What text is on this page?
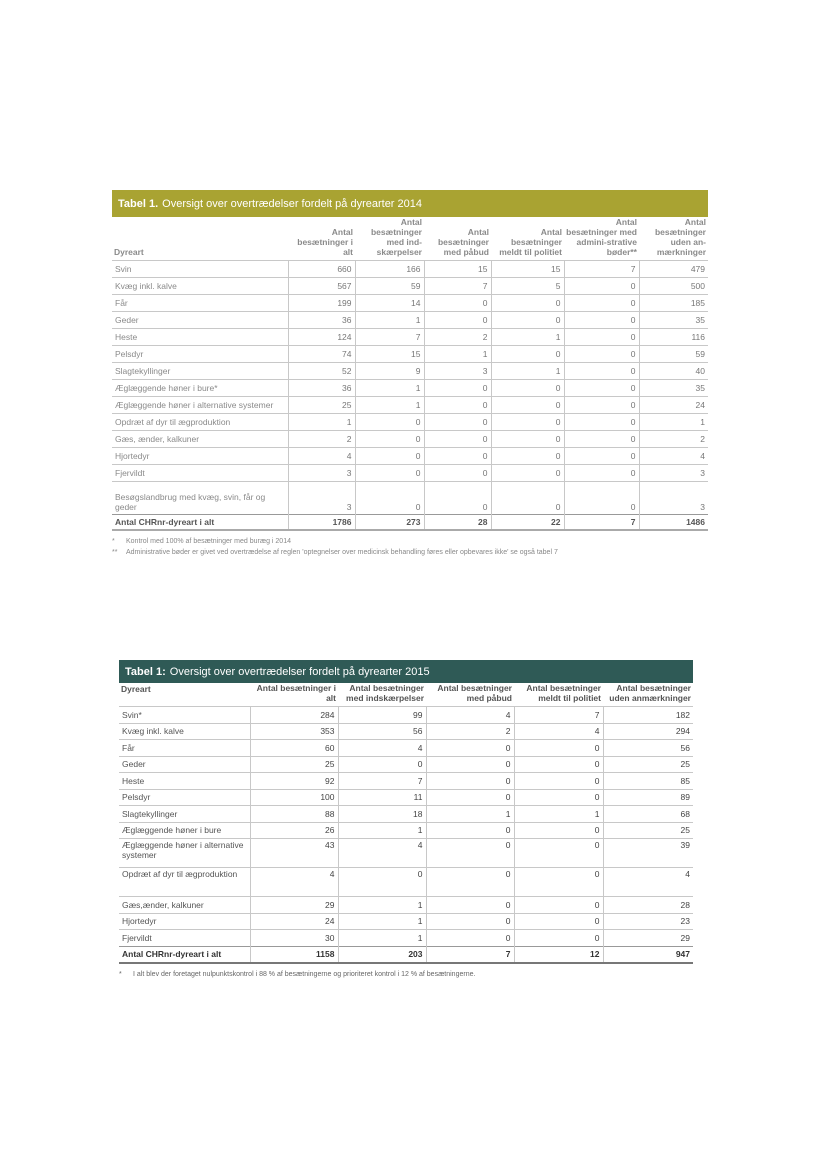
Tabel 1. Oversigt over overtrædelser fordelt på dyrearter 2014
Dyreart	Antal besætninger i alt	Antal besætninger med ind-skærpelser	Antal besætninger med påbud	Antal besætninger meldt til politiet	Antal besætninger med admini-strative bøder**	Antal besætninger uden an-mærkninger
Svin	660	166	15	15	7	479
Kvæg inkl. kalve	567	59	7	5	0	500
Får	199	14	0	0	0	185
Geder	36	1	0	0	0	35
Heste	124	7	2	1	0	116
Pelsdyr	74	15	1	0	0	59
Slagtekyllinger	52	9	3	1	0	40
Æglæggende høner i bure*	36	1	0	0	0	35
Æglæggende høner i alternative systemer	25	1	0	0	0	24
Opdræt af dyr til ægproduktion	1	0	0	0	0	1
Gæs, ænder, kalkuner	2	0	0	0	0	2
Hjortedyr	4	0	0	0	0	4
Fjervildt	3	0	0	0	0	3
Besøgslandbrug med kvæg, svin, får og geder	3	0	0	0	0	3
Antal CHRnr-dyreart i alt	1786	273	28	22	7	1486
* Kontrol med 100% af besætninger med buræg i 2014
** Administrative bøder er givet ved overtrædelse af reglen 'optegnelser over medicinsk behandling føres eller opbevares ikke' se også tabel 7
Tabel 1: Oversigt over overtrædelser fordelt på dyrearter 2015
Dyreart	Antal besætninger i alt	Antal besætninger med indskærpelser	Antal besætninger med påbud	Antal besætninger meldt til politiet	Antal besætninger uden anmærkninger
Svin*	284	99	4	7	182
Kvæg inkl. kalve	353	56	2	4	294
Får	60	4	0	0	56
Geder	25	0	0	0	25
Heste	92	7	0	0	85
Pelsdyr	100	11	0	0	89
Slagtekyllinger	88	18	1	1	68
Æglæggende høner i bure	26	1	0	0	25
Æglæggende høner i alternative systemer	43	4	0	0	39
Opdræt af dyr til ægproduktion	4	0	0	0	4
Gæs,ænder, kalkuner	29	1	0	0	28
Hjortedyr	24	1	0	0	23
Fjervildt	30	1	0	0	29
Antal CHRnr-dyreart i alt	1158	203	7	12	947
* I alt blev der foretaget nulpunktskontrol i 88 % af besætningerne og prioriteret kontrol i 12 % af besætningerne.
